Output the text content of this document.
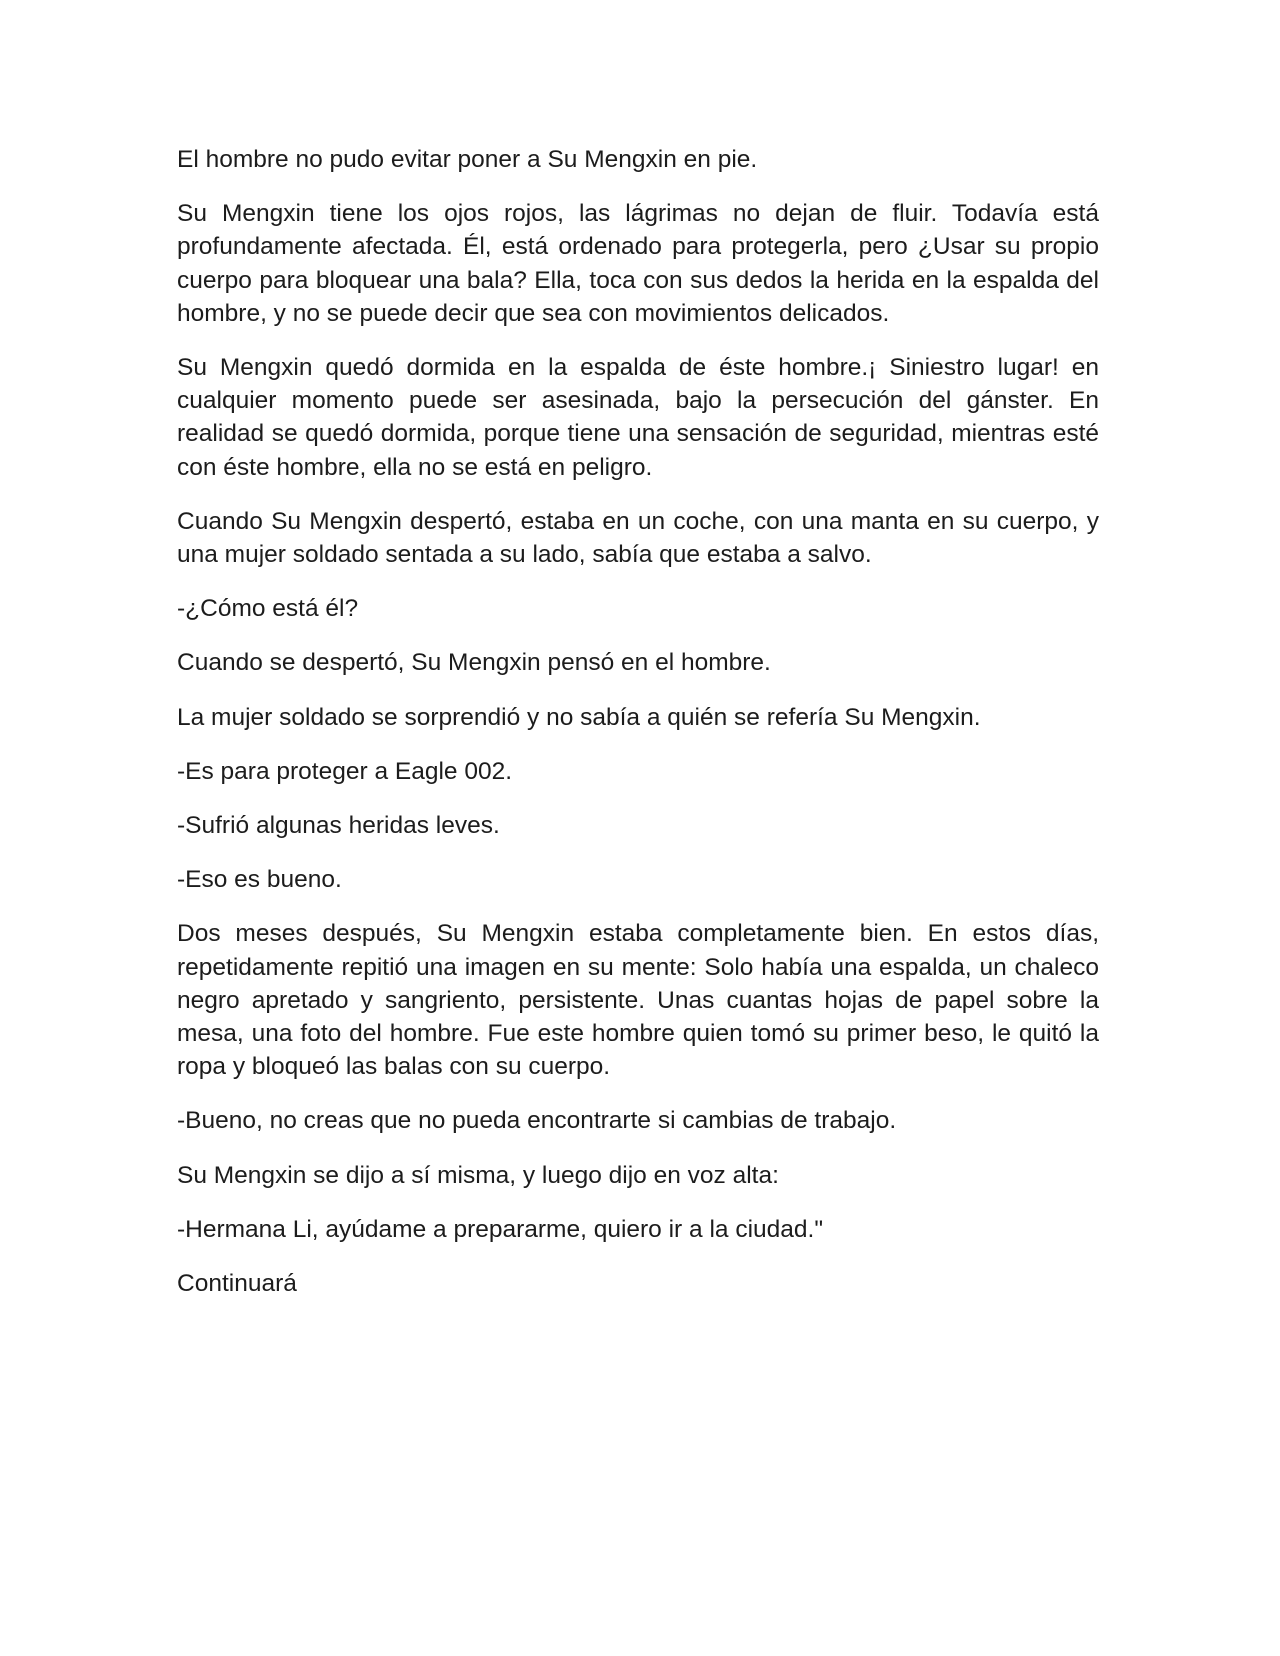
El hombre no pudo evitar poner a Su Mengxin en pie.

Su Mengxin tiene los ojos rojos, las lágrimas no dejan de fluir. Todavía está profundamente afectada. Él, está ordenado para protegerla, pero ¿Usar su propio cuerpo para bloquear una bala? Ella, toca con sus dedos la herida en la espalda del hombre, y no se puede decir que sea con movimientos delicados.

Su Mengxin quedó dormida en la espalda de éste hombre.¡ Siniestro lugar! en cualquier momento puede ser asesinada, bajo la persecución del gánster. En realidad se quedó dormida, porque tiene una sensación de seguridad, mientras esté con éste hombre, ella no se está en peligro.

Cuando Su Mengxin despertó, estaba en un coche, con una manta en su cuerpo, y una mujer soldado sentada a su lado, sabía que estaba a salvo.

-¿Cómo está él?

Cuando se despertó, Su Mengxin pensó en el hombre.

La mujer soldado se sorprendió y no sabía a quién se refería Su Mengxin.

-Es para proteger a Eagle 002.

-Sufrió algunas heridas leves.

-Eso es bueno.

Dos meses después, Su Mengxin estaba completamente bien. En estos días, repetidamente repitió una imagen en su mente: Solo había una espalda, un chaleco negro apretado y sangriento, persistente. Unas cuantas hojas de papel sobre la mesa, una foto del hombre. Fue este hombre quien tomó su primer beso, le quitó la ropa y bloqueó las balas con su cuerpo.

-Bueno, no creas que no pueda encontrarte si cambias de trabajo.

Su Mengxin se dijo a sí misma, y luego dijo en voz alta:

-Hermana Li, ayúdame a prepararme, quiero ir a la ciudad."

Continuará
